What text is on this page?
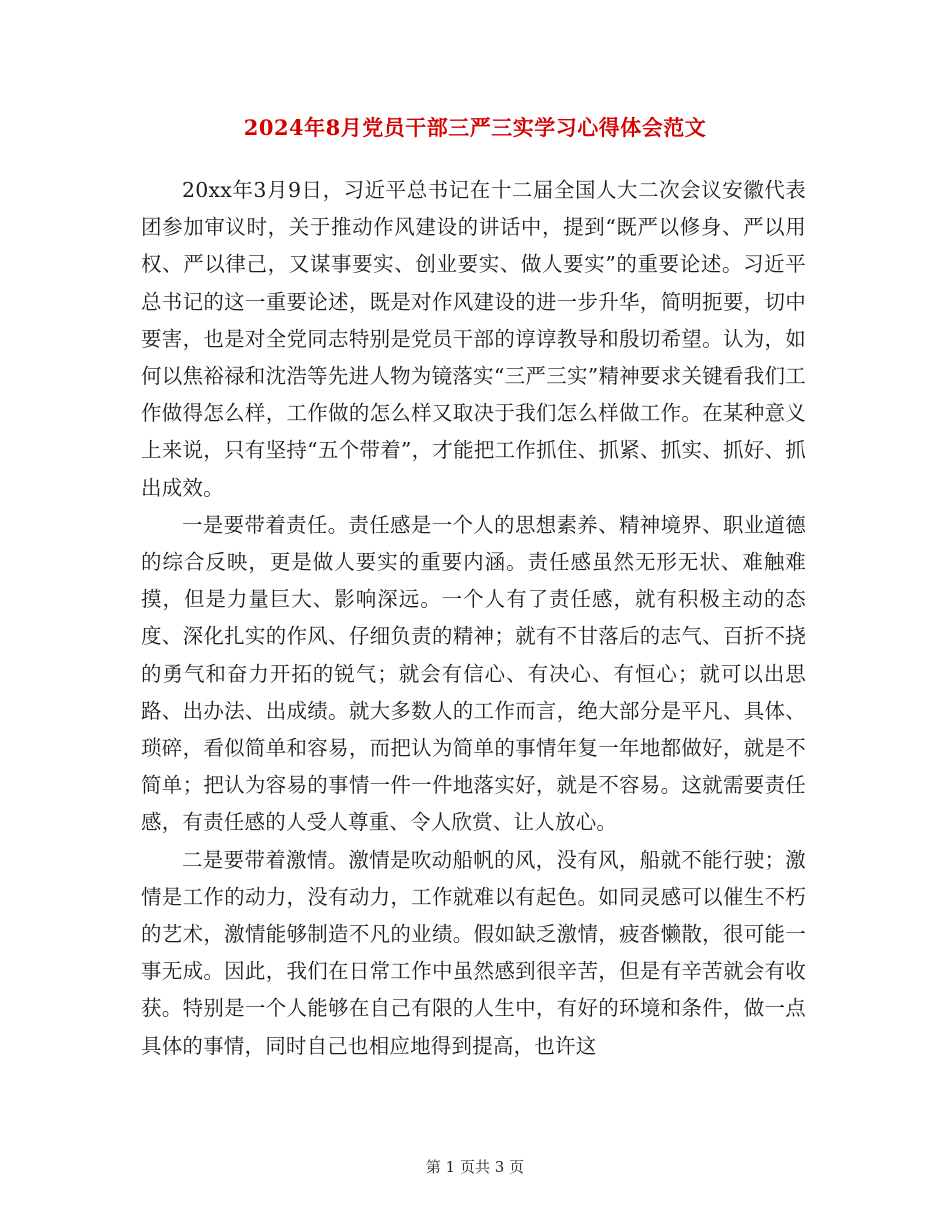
2024年8月党员干部三严三实学习心得体会范文

20xx年3月9日，习近平总书记在十二届全国人大二次会议安徽代表团参加审议时，关于推动作风建设的讲话中，提到“既严以修身、严以用权、严以律己，又谋事要实、创业要实、做人要实”的重要论述。习近平总书记的这一重要论述，既是对作风建设的进一步升华，简明扼要，切中要害，也是对全党同志特别是党员干部的谆谆教导和殷切希望。认为，如何以焦裕禄和沈浩等先进人物为镜落实“三严三实”精神要求关键看我们工作做得怎么样，工作做的怎么样又取决于我们怎么样做工作。在某种意义上来说，只有坚持“五个带着”，才能把工作抓住、抓紧、抓实、抓好、抓出成效。

一是要带着责任。责任感是一个人的思想素养、精神境界、职业道德的综合反映，更是做人要实的重要内涵。责任感虽然无形无状、难触难摸，但是力量巨大、影响深远。一个人有了责任感，就有积极主动的态度、深化扎实的作风、仔细负责的精神；就有不甘落后的志气、百折不挠的勇气和奋力开拓的锐气；就会有信心、有决心、有恒心；就可以出思路、出办法、出成绩。就大多数人的工作而言，绝大部分是平凡、具体、琐碎，看似简单和容易，而把认为简单的事情年复一年地都做好，就是不简单；把认为容易的事情一件一件地落实好，就是不容易。这就需要责任感，有责任感的人受人尊重、令人欣赏、让人放心。

二是要带着激情。激情是吹动船帆的风，没有风，船就不能行驶；激情是工作的动力，没有动力，工作就难以有起色。如同灵感可以催生不朽的艺术，激情能够制造不凡的业绩。假如缺乏激情，疲沓懒散，很可能一事无成。因此，我们在日常工作中虽然感到很辛苦，但是有辛苦就会有收获。特别是一个人能够在自己有限的人生中，有好的环境和条件，做一点具体的事情，同时自己也相应地得到提高，也许这

第 1 页共 3 页
